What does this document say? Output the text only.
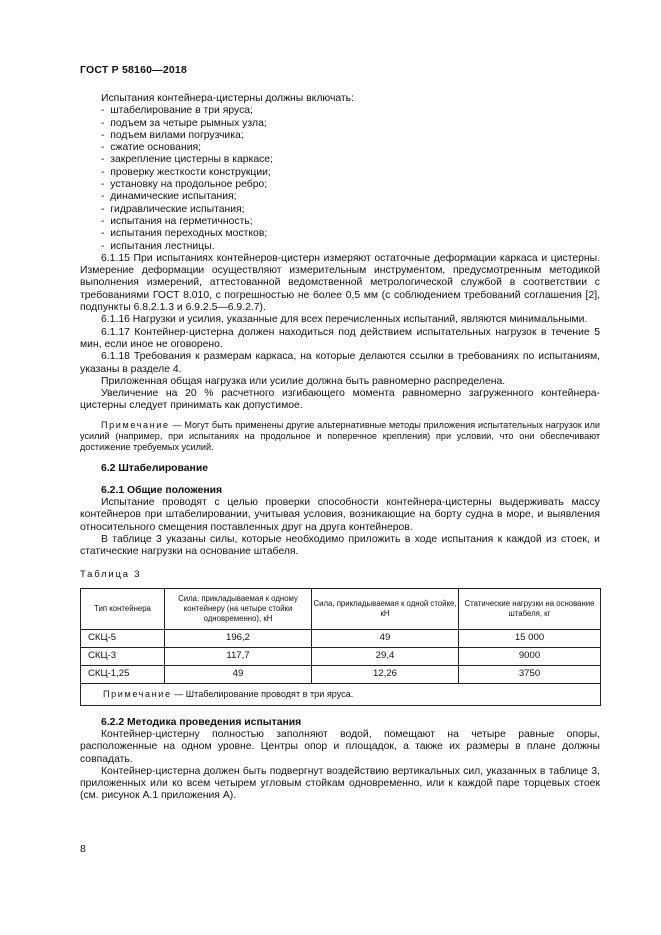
ГОСТ Р 58160—2018

Испытания контейнера-цистерны должны включать:

-  штабелирование в три яруса;

-  подъем за четыре рымных узла;

-  подъем вилами погрузчика;

-  сжатие основания;

-  закрепление цистерны в каркасе;

-  проверку жесткости конструкции;

-  установку на продольное ребро;

-  динамические испытания;

-  гидравлические испытания;

-  испытания на герметичность;

-  испытания переходных мостков;

-  испытания лестницы.

6.1.15 При испытаниях контейнеров-цистерн измеряют остаточные деформации каркаса и цистерны. Измерение деформации осуществляют измерительным инструментом, предусмотренным методикой выполнения измерений, аттестованной ведомственной метрологической службой в соответствии с требованиями ГОСТ 8.010, с погрешностью не более 0,5 мм (с соблюдением требований соглашения [2], подпункты 6.8.2.1.3 и 6.9.2.5—6.9.2.7).

6.1.16 Нагрузки и усилия, указанные для всех перечисленных испытаний, являются минимальными.

6.1.17 Контейнер-цистерна должен находиться под действием испытательных нагрузок в течение 5 мин, если иное не оговорено.

6.1.18 Требования к размерам каркаса, на которые делаются ссылки в требованиях по испытаниям, указаны в разделе 4.

Приложенная общая нагрузка или усилие должна быть равномерно распределена.

Увеличение на 20 % расчетного изгибающего момента равномерно загруженного контейнера-цистерны следует принимать как допустимое.

Примечание — Могут быть применены другие альтернативные методы приложения испытательных нагрузок или усилий (например, при испытаниях на продольное и поперечное крепления) при условии, что они обеспечивают достижение требуемых усилий.

6.2 Штабелирование

6.2.1 Общие положения

Испытание проводят с целью проверки способности контейнера-цистерны выдерживать массу контейнеров при штабелировании, учитывая условия, возникающие на борту судна в море, и выявления относительного смещения поставленных друг на друга контейнеров.

В таблице 3 указаны силы, которые необходимо приложить в ходе испытания к каждой из стоек, и статические нагрузки на основание штабеля.

Таблица 3

Тип контейнера	Сила, прикладываемая к одному контейнеру (на четыре стойки одновременно), кН	Сила, прикладываемая к одной стойке, кН	Статические нагрузки на основание штабеля, кг
СКЦ-5	196,2	49	15 000
СКЦ-3	117,7	29,4	9000
СКЦ-1,25	49	12,26	3750
Примечание — Штабелирование проводят в три яруса.			

6.2.2 Методика проведения испытания

Контейнер-цистерну полностью заполняют водой, помещают на четыре равные опоры, расположенные на одном уровне. Центры опор и площадок, а также их размеры в плане должны совпадать.

Контейнер-цистерна должен быть подвергнут воздействию вертикальных сил, указанных в таблице 3, приложенных или ко всем четырем угловым стойкам одновременно, или к каждой паре торцевых стоек (см. рисунок А.1 приложения А).

8
